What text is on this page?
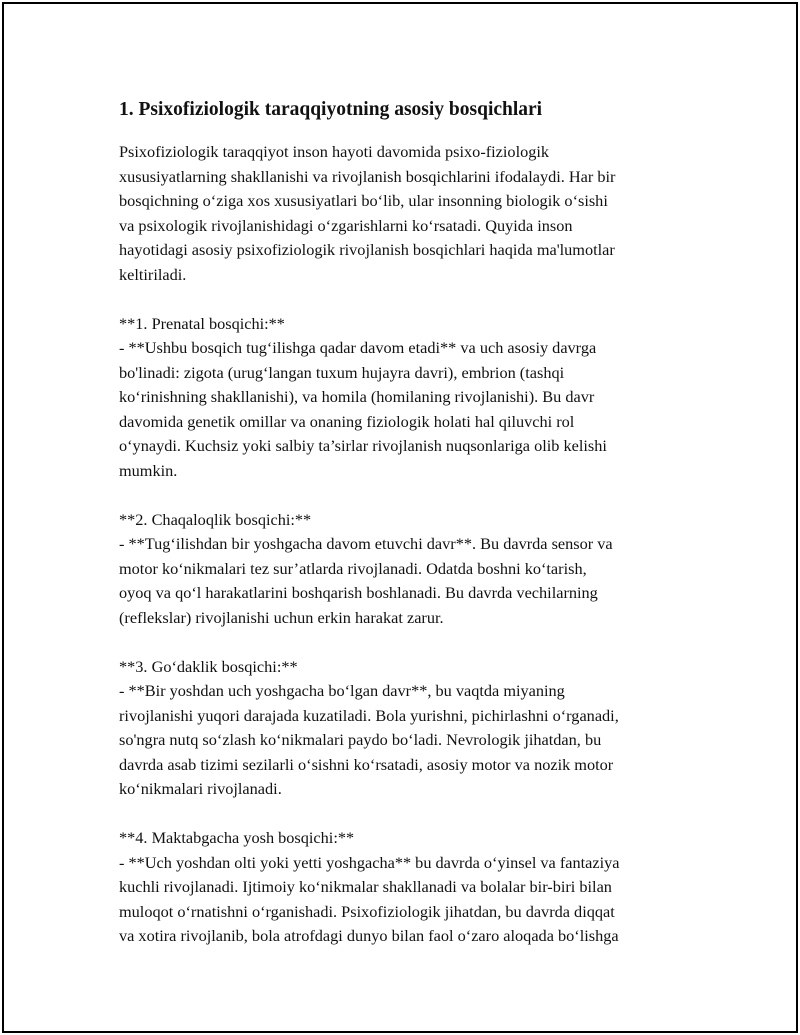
1. Psixofiziologik taraqqiyotning asosiy bosqichlari
Psixofiziologik taraqqiyot inson hayoti davomida psixo-fiziologik
xususiyatlarning shakllanishi va rivojlanish bosqichlarini ifodalaydi. Har bir
bosqichning o‘ziga xos xususiyatlari bo‘lib, ular insonning biologik o‘sishi
va psixologik rivojlanishidagi o‘zgarishlarni ko‘rsatadi. Quyida inson
hayotidagi asosiy psixofiziologik rivojlanish bosqichlari haqida ma'lumotlar
keltiriladi.
**1. Prenatal bosqichi:**
- **Ushbu bosqich tug‘ilishga qadar davom etadi** va uch asosiy davrga
bo'linadi: zigota (urug‘langan tuxum hujayra davri), embrion (tashqi
ko‘rinishning shakllanishi), va homila (homilaning rivojlanishi). Bu davr
davomida genetik omillar va onaning fiziologik holati hal qiluvchi rol
o‘ynaydi. Kuchsiz yoki salbiy ta’sirlar rivojlanish nuqsonlariga olib kelishi
mumkin.
**2. Chaqaloqlik bosqichi:**
- **Tug‘ilishdan bir yoshgacha davom etuvchi davr**. Bu davrda sensor va
motor ko‘nikmalari tez sur’atlarda rivojlanadi. Odatda boshni ko‘tarish,
oyoq va qo‘l harakatlarini boshqarish boshlanadi. Bu davrda vechilarning
(reflekslar) rivojlanishi uchun erkin harakat zarur.
**3. Go‘daklik bosqichi:**
- **Bir yoshdan uch yoshgacha bo‘lgan davr**, bu vaqtda miyaning
rivojlanishi yuqori darajada kuzatiladi. Bola yurishni, pichirlashni o‘rganadi,
so'ngra nutq so‘zlash ko‘nikmalari paydo bo‘ladi. Nevrologik jihatdan, bu
davrda asab tizimi sezilarli o‘sishni ko‘rsatadi, asosiy motor va nozik motor
ko‘nikmalari rivojlanadi.
**4. Maktabgacha yosh bosqichi:**
- **Uch yoshdan olti yoki yetti yoshgacha** bu davrda o‘yinsel va fantaziya
kuchli rivojlanadi. Ijtimoiy ko‘nikmalar shakllanadi va bolalar bir-biri bilan
muloqot o‘rnatishni o‘rganishadi. Psixofiziologik jihatdan, bu davrda diqqat
va xotira rivojlanib, bola atrofdagi dunyo bilan faol o‘zaro aloqada bo‘lishga
